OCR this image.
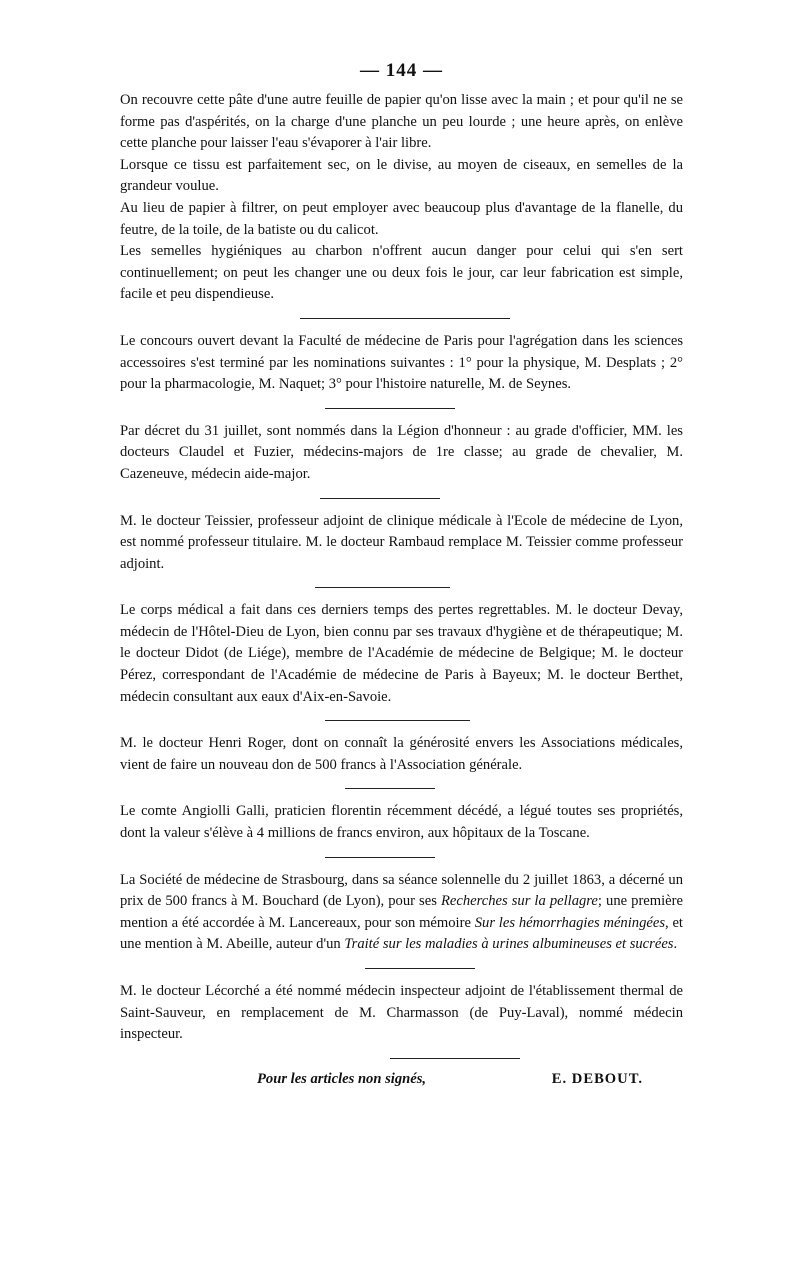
— 144 —

On recouvre cette pâte d'une autre feuille de papier qu'on lisse avec la main ; et pour qu'il ne se forme pas d'aspérités, on la charge d'une planche un peu lourde ; une heure après, on enlève cette planche pour laisser l'eau s'évaporer à l'air libre.

Lorsque ce tissu est parfaitement sec, on le divise, au moyen de ciseaux, en semelles de la grandeur voulue.

Au lieu de papier à filtrer, on peut employer avec beaucoup plus d'avantage de la flanelle, du feutre, de la toile, de la batiste ou du calicot.

Les semelles hygiéniques au charbon n'offrent aucun danger pour celui qui s'en sert continuellement; on peut les changer une ou deux fois le jour, car leur fabrication est simple, facile et peu dispendieuse.

Le concours ouvert devant la Faculté de médecine de Paris pour l'agrégation dans les sciences accessoires s'est terminé par les nominations suivantes : 1° pour la physique, M. Desplats ; 2° pour la pharmacologie, M. Naquet; 3° pour l'histoire naturelle, M. de Seynes.

Par décret du 31 juillet, sont nommés dans la Légion d'honneur : au grade d'officier, MM. les docteurs Claudel et Fuzier, médecins-majors de 1re classe; au grade de chevalier, M. Cazeneuve, médecin aide-major.

M. le docteur Teissier, professeur adjoint de clinique médicale à l'Ecole de médecine de Lyon, est nommé professeur titulaire. M. le docteur Rambaud remplace M. Teissier comme professeur adjoint.

Le corps médical a fait dans ces derniers temps des pertes regrettables. M. le docteur Devay, médecin de l'Hôtel-Dieu de Lyon, bien connu par ses travaux d'hygiène et de thérapeutique; M. le docteur Didot (de Liége), membre de l'Académie de médecine de Belgique; M. le docteur Pérez, correspondant de l'Académie de médecine de Paris à Bayeux; M. le docteur Berthet, médecin consultant aux eaux d'Aix-en-Savoie.

M. le docteur Henri Roger, dont on connaît la générosité envers les Associations médicales, vient de faire un nouveau don de 500 francs à l'Association générale.

Le comte Angiolli Galli, praticien florentin récemment décédé, a légué toutes ses propriétés, dont la valeur s'élève à 4 millions de francs environ, aux hôpitaux de la Toscane.

La Société de médecine de Strasbourg, dans sa séance solennelle du 2 juillet 1863, a décerné un prix de 500 francs à M. Bouchard (de Lyon), pour ses Recherches sur la pellagre; une première mention a été accordée à M. Lancereaux, pour son mémoire Sur les hémorrhagies méningées, et une mention à M. Abeille, auteur d'un Traité sur les maladies à urines albumineuses et sucrées.

M. le docteur Lécorché a été nommé médecin inspecteur adjoint de l'établissement thermal de Saint-Sauveur, en remplacement de M. Charmasson (de Puy-Laval), nommé médecin inspecteur.

Pour les articles non signés,	E. DEBOUT.
